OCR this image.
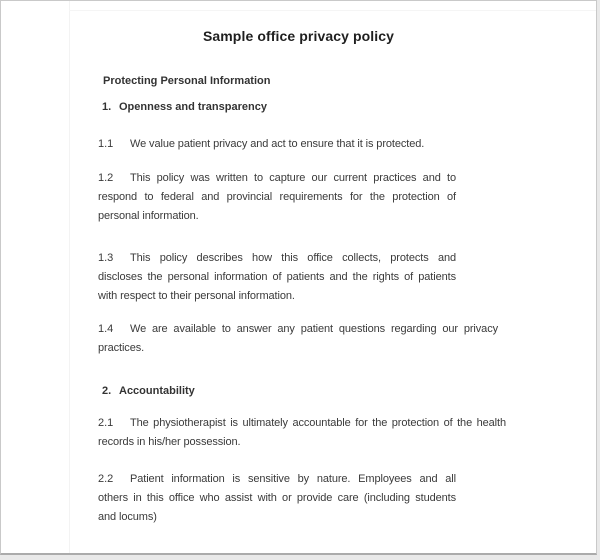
Sample office privacy policy
Protecting Personal Information
1. Openness and transparency
1.1 We value patient privacy and act to ensure that it is protected.
1.2 This policy was written to capture our current practices and to
respond to federal and provincial requirements for the protection of
personal information.
1.3 This policy describes how this office collects, protects and
discloses the personal information of patients and the rights of patients
with respect to their personal information.
1.4 We are available to answer any patient questions regarding our privacy
practices.
2. Accountability
2.1 The physiotherapist is ultimately accountable for the protection of the health
records in his/her possession.
2.2 Patient information is sensitive by nature. Employees and all
others in this office who assist with or provide care (including students
and locums)
